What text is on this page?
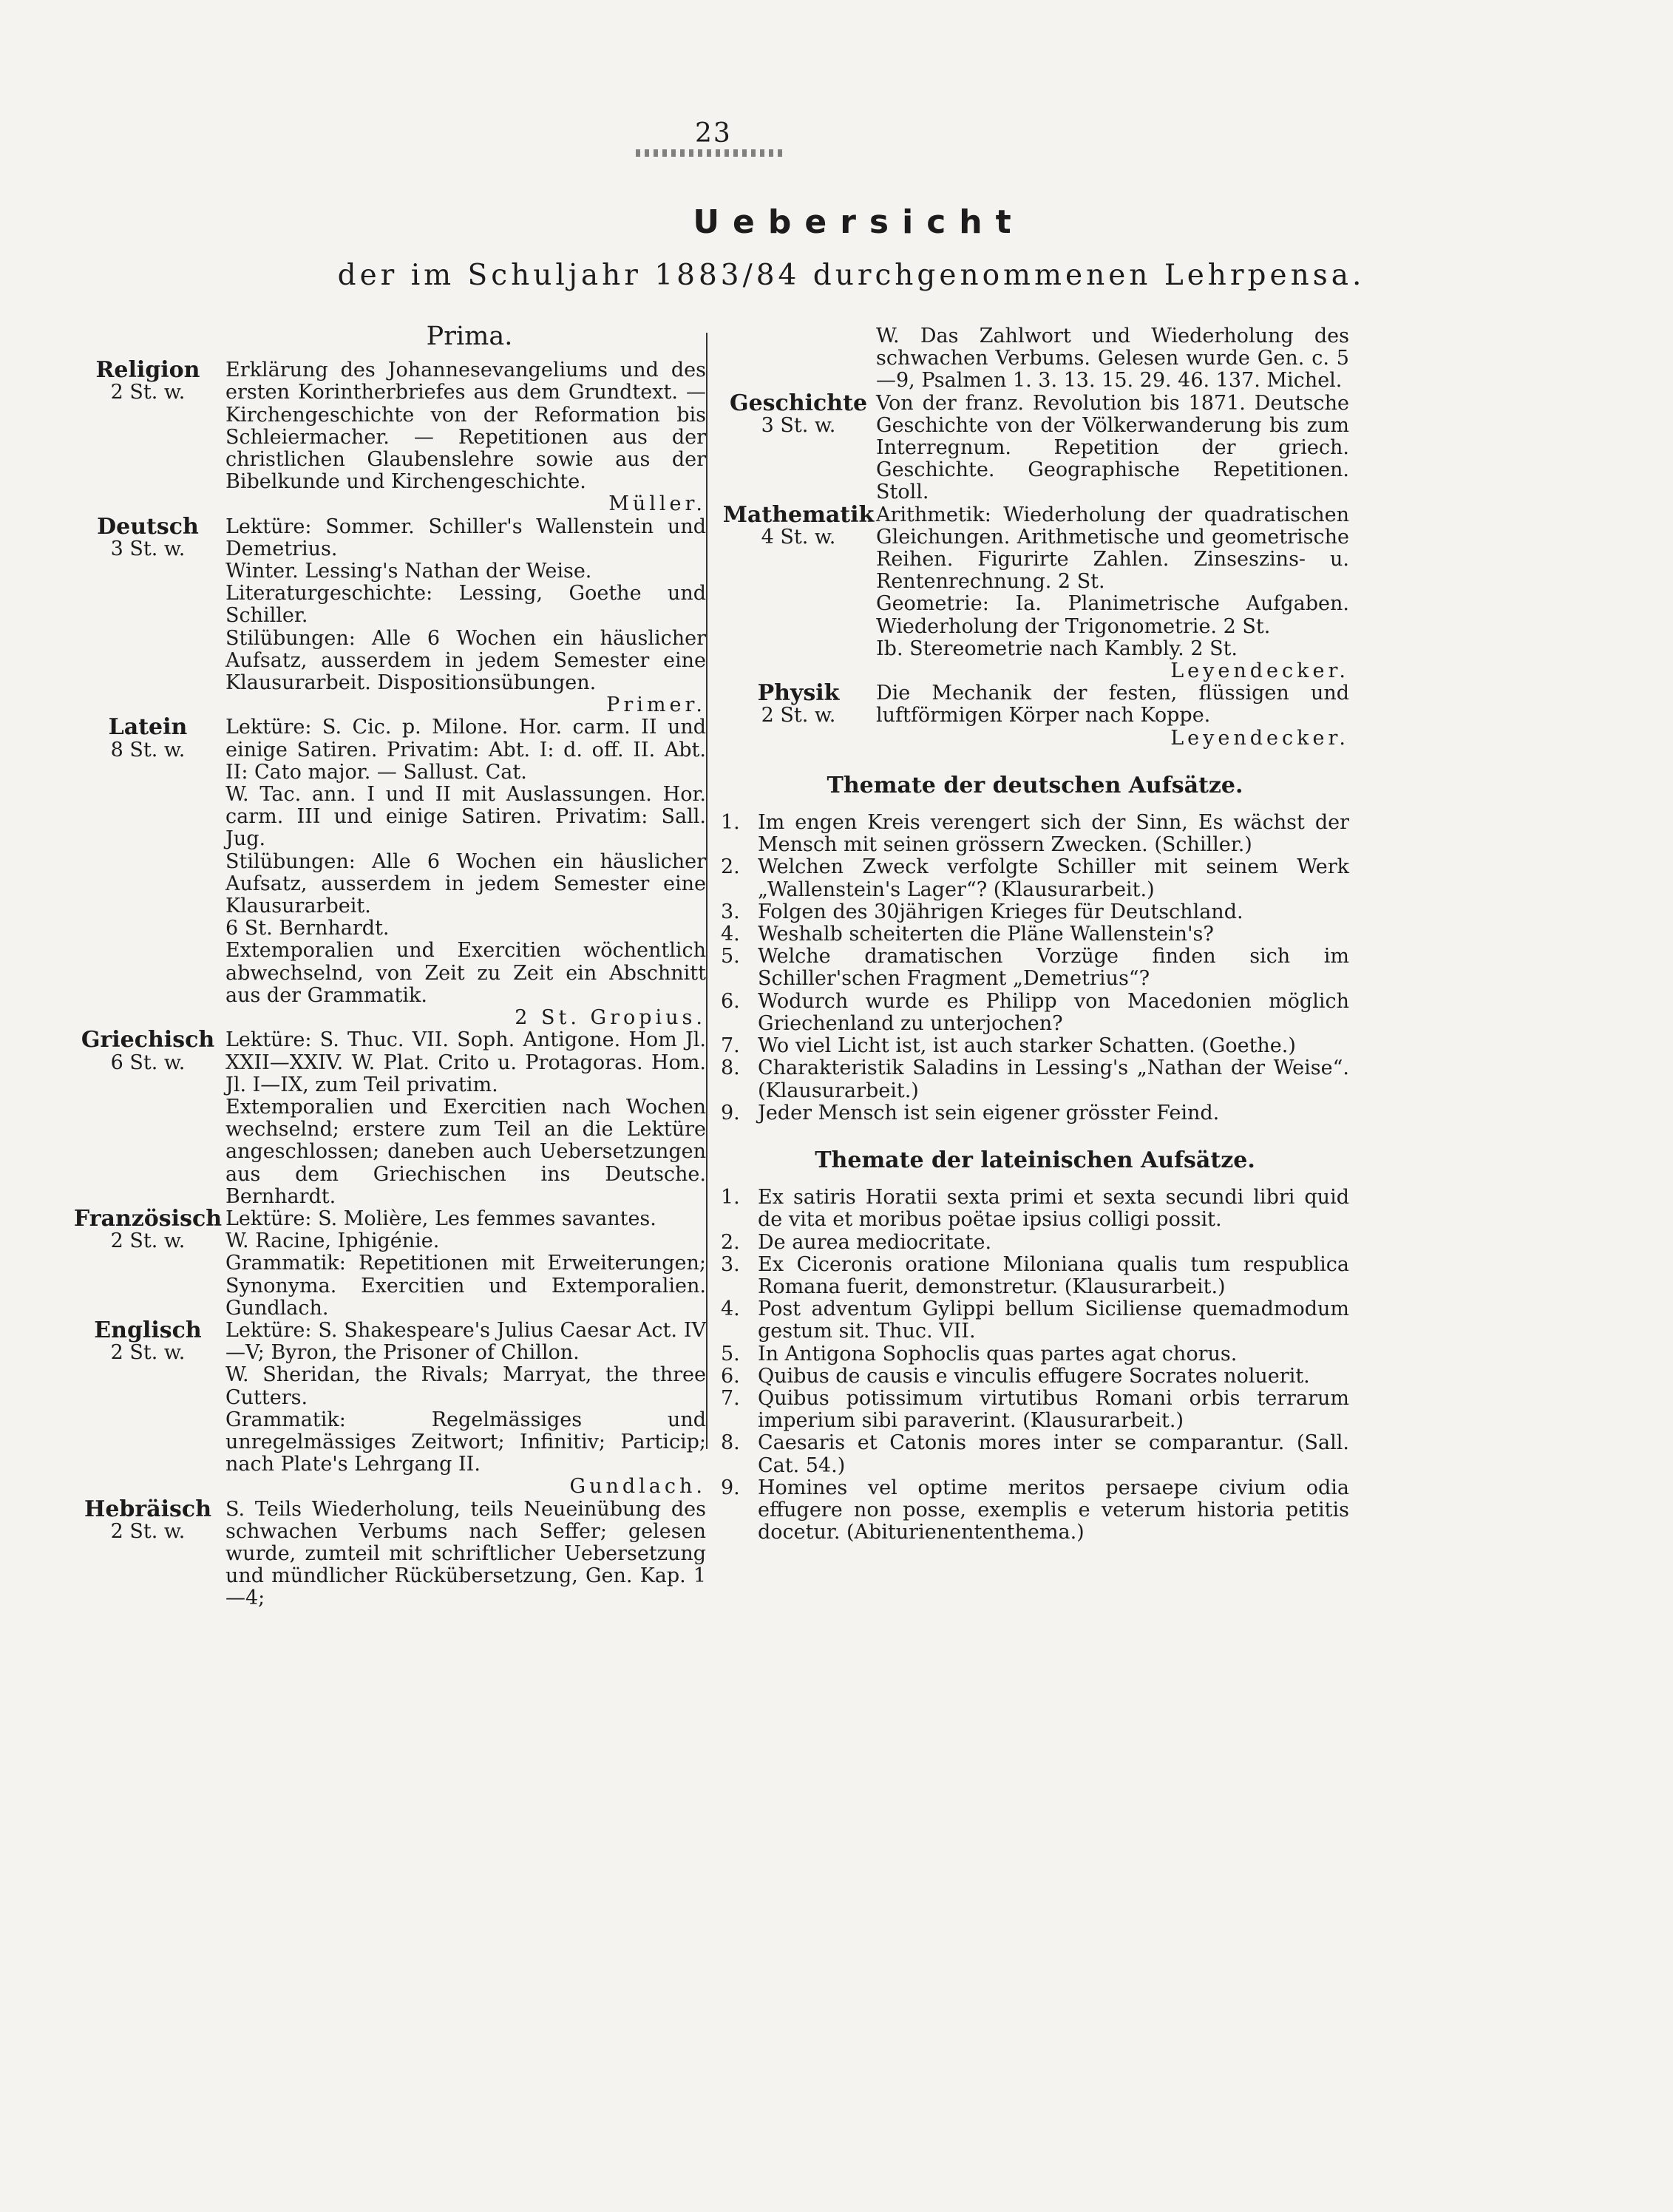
23
Uebersicht
der im Schuljahr 1883/84 durchgenommenen Lehrpensa.
Prima.
Religion
2 St. w.

Erklärung des Johannesevangeliums und des ersten Korintherbriefes aus dem Grundtext. — Kirchengeschichte von der Reformation bis Schleiermacher. — Repetitionen aus der christlichen Glaubenslehre sowie aus der Bibelkunde und Kirchengeschichte.

Müller.

Deutsch
3 St. w.

Lektüre: Sommer. Schiller's Wallenstein und Demetrius.

Winter. Lessing's Nathan der Weise.

Literaturgeschichte: Lessing, Goethe und Schiller.

Stilübungen: Alle 6 Wochen ein häuslicher Aufsatz, ausserdem in jedem Semester eine Klausurarbeit. Dispositionsübungen.

Primer.

Latein
8 St. w.

Lektüre: S. Cic. p. Milone. Hor. carm. II und einige Satiren. Privatim: Abt. I: d. off. II. Abt. II: Cato major. — Sallust. Cat.

W. Tac. ann. I und II mit Auslassungen. Hor. carm. III und einige Satiren. Privatim: Sall. Jug.

Stilübungen: Alle 6 Wochen ein häuslicher Aufsatz, ausserdem in jedem Semester eine Klausurarbeit.

6 St. Bernhardt.

Extemporalien und Exercitien wöchentlich abwechselnd, von Zeit zu Zeit ein Abschnitt aus der Grammatik.

2 St. Gropius.

Griechisch
6 St. w.

Lektüre: S. Thuc. VII. Soph. Antigone. Hom Jl. XXII—XXIV. W. Plat. Crito u. Protagoras. Hom. Jl. I—IX, zum Teil privatim.

Extemporalien und Exercitien nach Wochen wechselnd; erstere zum Teil an die Lektüre angeschlossen; daneben auch Uebersetzungen aus dem Griechischen ins Deutsche. Bernhardt.

Französisch
2 St. w.

Lektüre: S. Molière, Les femmes savantes.

W. Racine, Iphigénie.

Grammatik: Repetitionen mit Erweiterungen; Synonyma. Exercitien und Extemporalien. Gundlach.

Englisch
2 St. w.

Lektüre: S. Shakespeare's Julius Caesar Act. IV—V; Byron, the Prisoner of Chillon.

W. Sheridan, the Rivals; Marryat, the three Cutters.

Grammatik: Regelmässiges und unregelmässiges Zeitwort; Infinitiv; Particip; nach Plate's Lehrgang II.

Gundlach.

Hebräisch
2 St. w.

S. Teils Wiederholung, teils Neueinübung des schwachen Verbums nach Seffer; gelesen wurde, zumteil mit schriftlicher Uebersetzung und mündlicher Rückübersetzung, Gen. Kap. 1—4;

W. Das Zahlwort und Wiederholung des schwachen Verbums. Gelesen wurde Gen. c. 5—9, Psalmen 1. 3. 13. 15. 29. 46. 137. Michel.

Geschichte
3 St. w.

Von der franz. Revolution bis 1871. Deutsche Geschichte von der Völkerwanderung bis zum Interregnum. Repetition der griech. Geschichte. Geographische Repetitionen. Stoll.

Mathematik
4 St. w.

Arithmetik: Wiederholung der quadratischen Gleichungen. Arithmetische und geometrische Reihen. Figurirte Zahlen. Zinseszins- u. Rentenrechnung. 2 St.

Geometrie: Ia. Planimetrische Aufgaben. Wiederholung der Trigonometrie. 2 St.

Ib. Stereometrie nach Kambly. 2 St.

Leyendecker.

Physik
2 St. w.

Die Mechanik der festen, flüssigen und luftförmigen Körper nach Koppe.

Leyendecker.

Themate der deutschen Aufsätze.
1. Im engen Kreis verengert sich der Sinn, Es wächst der Mensch mit seinen grössern Zwecken. (Schiller.)
2. Welchen Zweck verfolgte Schiller mit seinem Werk „Wallenstein's Lager“? (Klausurarbeit.)
3. Folgen des 30jährigen Krieges für Deutschland.
4. Weshalb scheiterten die Pläne Wallenstein's?
5. Welche dramatischen Vorzüge finden sich im Schiller'schen Fragment „Demetrius“?
6. Wodurch wurde es Philipp von Macedonien möglich Griechenland zu unterjochen?
7. Wo viel Licht ist, ist auch starker Schatten. (Goethe.)
8. Charakteristik Saladins in Lessing's „Nathan der Weise“. (Klausurarbeit.)
9. Jeder Mensch ist sein eigener grösster Feind.
Themate der lateinischen Aufsätze.
1. Ex satiris Horatii sexta primi et sexta secundi libri quid de vita et moribus poëtae ipsius colligi possit.
2. De aurea mediocritate.
3. Ex Ciceronis oratione Miloniana qualis tum respublica Romana fuerit, demonstretur. (Klausurarbeit.)
4. Post adventum Gylippi bellum Siciliense quemadmodum gestum sit. Thuc. VII.
5. In Antigona Sophoclis quas partes agat chorus.
6. Quibus de causis e vinculis effugere Socrates noluerit.
7. Quibus potissimum virtutibus Romani orbis terrarum imperium sibi paraverint. (Klausurarbeit.)
8. Caesaris et Catonis mores inter se comparantur. (Sall. Cat. 54.)
9. Homines vel optime meritos persaepe civium odia effugere non posse, exemplis e veterum historia petitis docetur. (Abiturienententhema.)
